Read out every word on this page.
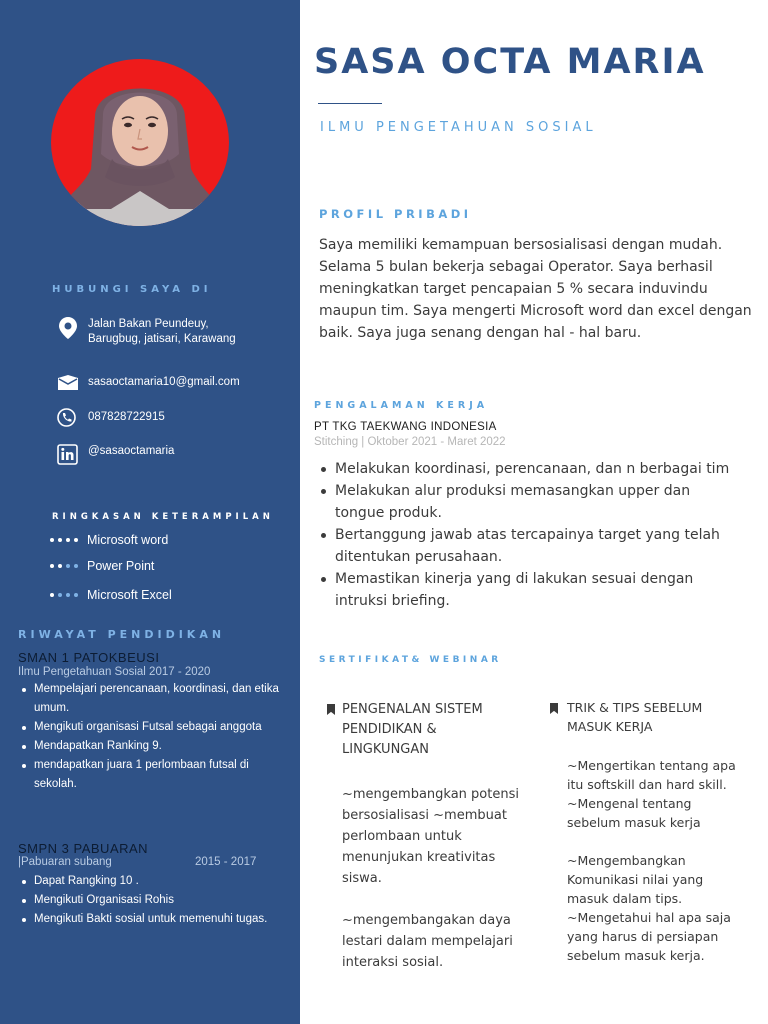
HUBUNGI SAYA DI
Jalan Bakan Peundeuy, Barugbug, jatisari, Karawang
sasaoctamaria10@gmail.com
087828722915
@sasaoctamaria
RINGKASAN KETERAMPILAN
Microsoft word
Power Point
Microsoft Excel
RIWAYAT PENDIDIKAN
SMAN 1 PATOKBEUSI
Ilmu Pengetahuan Sosial 2017 - 2020
Mempelajari perencanaan, koordinasi, dan etika umum.
Mengikuti organisasi Futsal sebagai anggota
Mendapatkan Ranking 9.
mendapatkan juara 1 perlombaan futsal di sekolah.
SMPN 3 PABUARAN
|Pabuaran subang	2015 - 2017
Dapat Rangking 10 .
Mengikuti Organisasi Rohis
Mengikuti Bakti sosial untuk memenuhi tugas.
SASA OCTA MARIA
ILMU PENGETAHUAN SOSIAL
PROFIL PRIBADI
Saya memiliki kemampuan bersosialisasi dengan mudah. Selama 5 bulan bekerja sebagai Operator. Saya berhasil meningkatkan target pencapaian 5 % secara induvindu maupun tim. Saya mengerti Microsoft word dan excel dengan baik. Saya juga senang dengan hal - hal baru.
PENGALAMAN KERJA
PT TKG TAEKWANG INDONESIA
Stitching | Oktober 2021 - Maret 2022
Melakukan koordinasi, perencanaan, dan n berbagai tim
Melakukan alur produksi memasangkan upper dan tongue produk.
Bertanggung jawab atas tercapainya target yang telah ditentukan perusahaan.
Memastikan kinerja yang di lakukan sesuai dengan intruksi briefing.
SERTIFIKAT& WEBINAR
PENGENALAN SISTEM PENDIDIKAN & LINGKUNGAN

~mengembangkan potensi bersosialisasi ~membuat perlombaan untuk menunjukan kreativitas siswa.

~mengembangakan daya lestari dalam mempelajari interaksi sosial.

TRIK & TIPS SEBELUM MASUK KERJA

~Mengertikan tentang apa itu softskill dan hard skill. ~Mengenal tentang sebelum masuk kerja

~Mengembangkan Komunikasi nilai yang masuk dalam tips. ~Mengetahui hal apa saja yang harus di persiapan sebelum masuk kerja.
